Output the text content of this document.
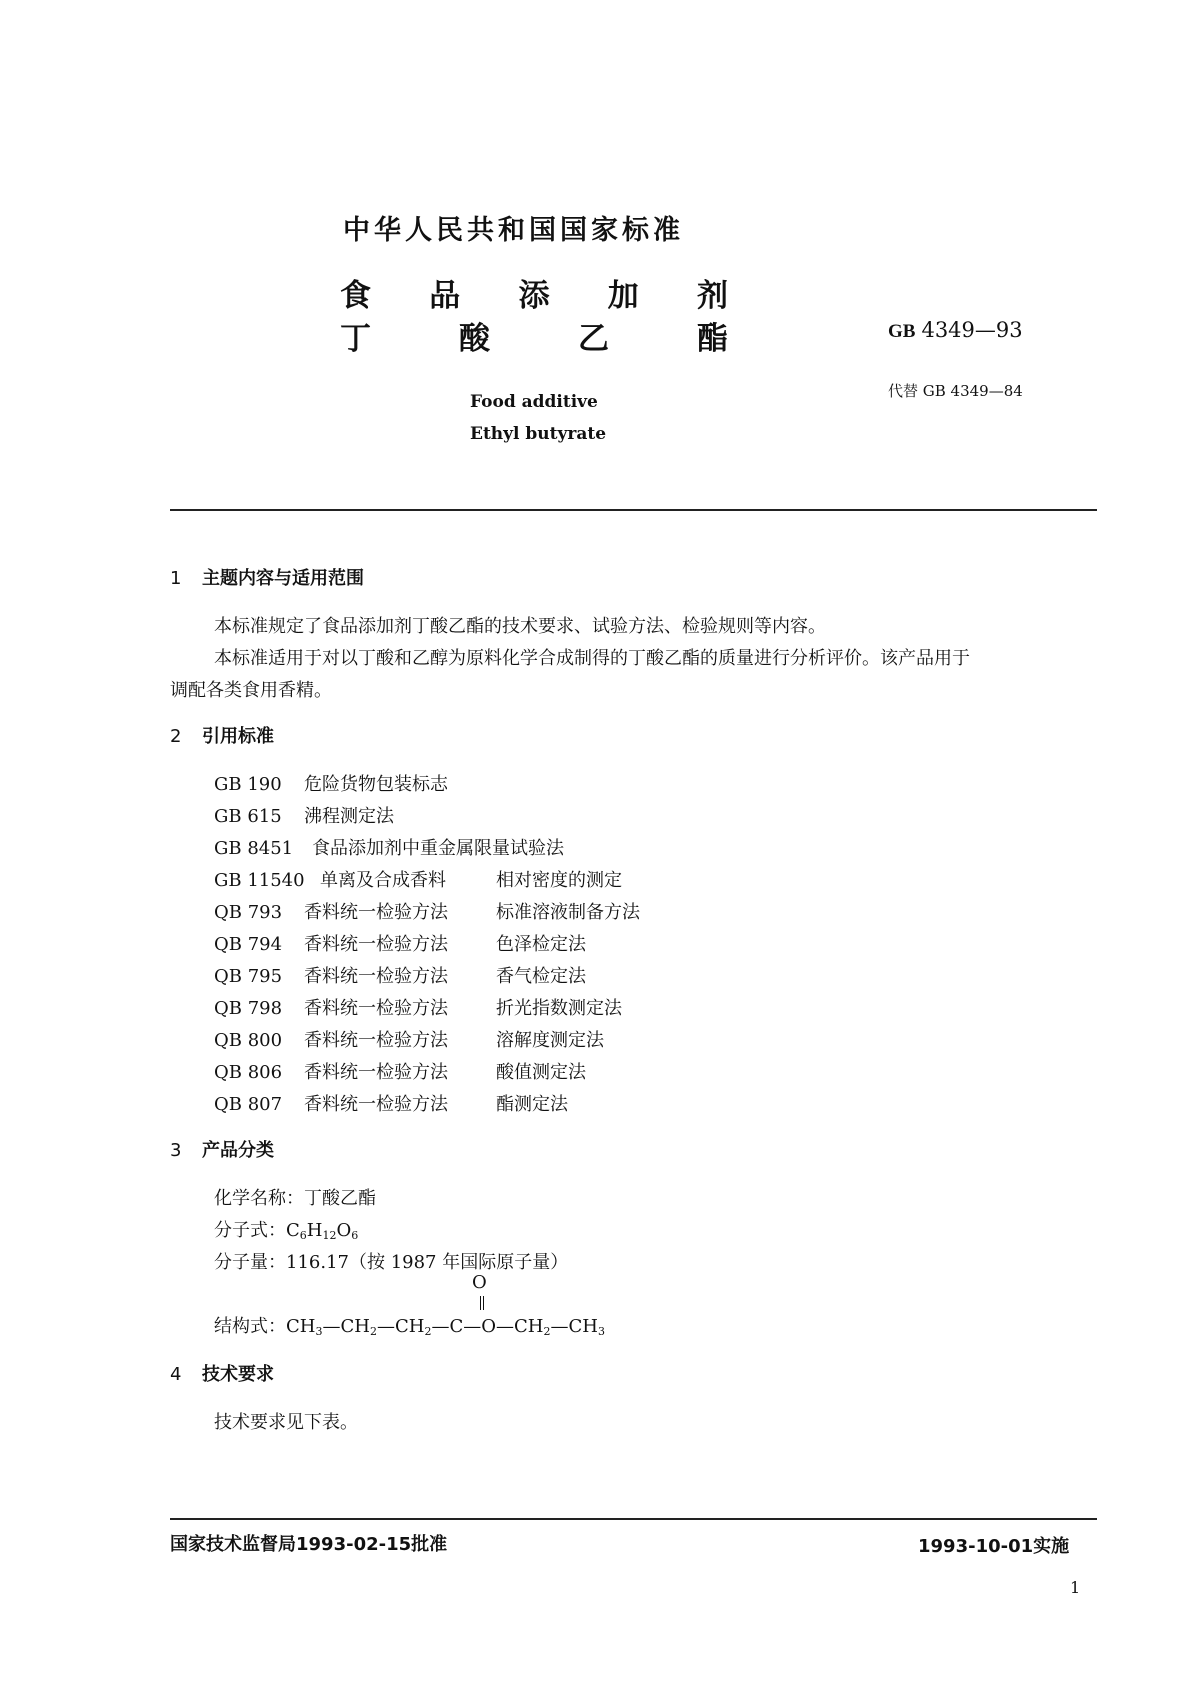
中华人民共和国国家标准
食 品 添 加 剂
丁	酸	乙	酯
Food additive
Ethyl butyrate
GB 4349—93
代替 GB 4349—84
1 主题内容与适用范围
本标准规定了食品添加剂丁酸乙酯的技术要求、试验方法、检验规则等内容。
本标准适用于对以丁酸和乙醇为原料化学合成制得的丁酸乙酯的质量进行分析评价。该产品用于
调配各类食用香精。
2 引用标准
GB 190 危险货物包装标志
GB 615 沸程测定法
GB 8451 食品添加剂中重金属限量试验法
GB 11540 单离及合成香料	相对密度的测定
QB 793 香料统一检验方法	标准溶液制备方法
QB 794 香料统一检验方法	色泽检定法
QB 795 香料统一检验方法	香气检定法
QB 798 香料统一检验方法	折光指数测定法
QB 800 香料统一检验方法	溶解度测定法
QB 806 香料统一检验方法	酸值测定法
QB 807 香料统一检验方法	酯测定法
3 产品分类
化学名称：丁酸乙酯
分子式：$C_6H_{12}O_6$
分子量：116.17（按 1987 年国际原子量）
O
结构式：$CH_3—CH_2—CH_2—C—O—CH_2—CH_3$
4 技术要求
技术要求见下表。
国家技术监督局1993-02-15批准	1993-10-01实施
1
